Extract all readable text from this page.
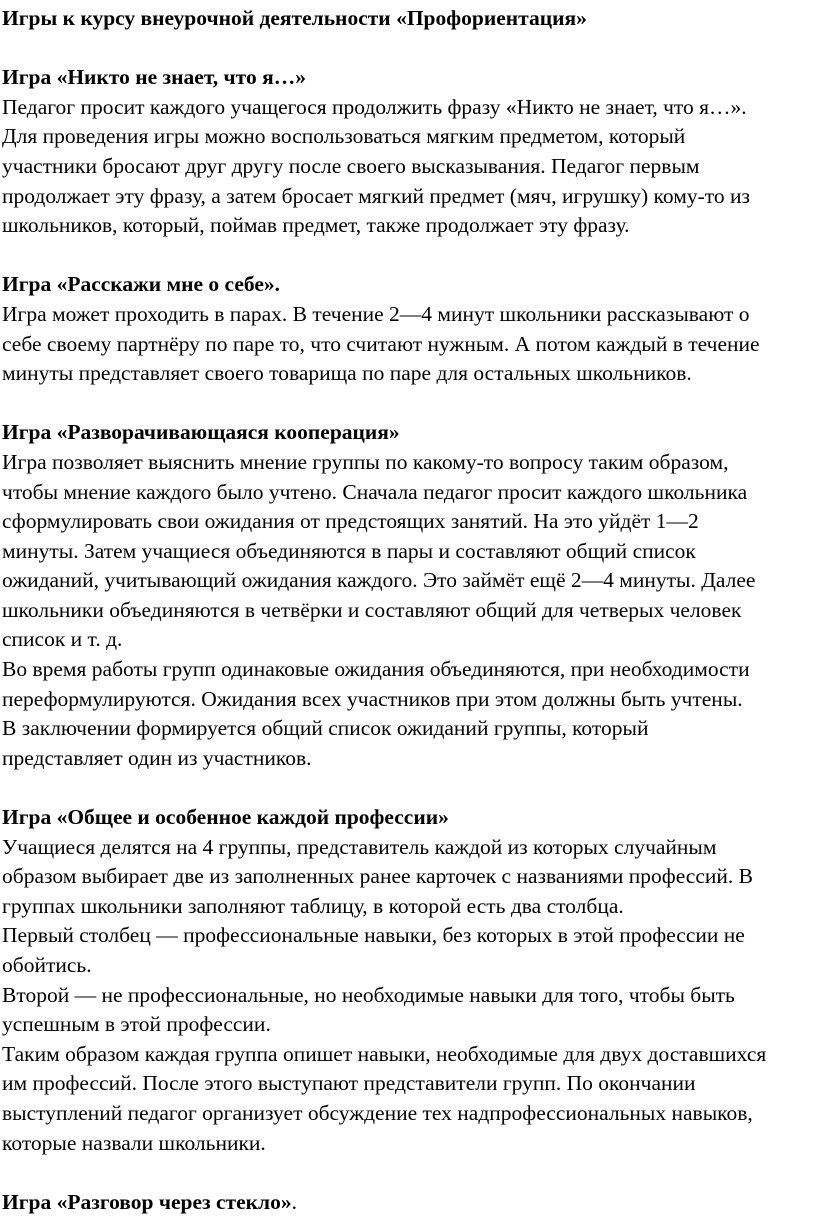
Игры к курсу внеурочной деятельности «Профориентация»
Игра «Никто не знает, что я…»
Педагог просит каждого учащегося продолжить фразу «Никто не знает, что я…».
Для проведения игры можно воспользоваться мягким предметом, который
участники бросают друг другу после своего высказывания. Педагог первым
продолжает эту фразу, а затем бросает мягкий предмет (мяч, игрушку) кому-то из
школьников, который, поймав предмет, также продолжает эту фразу.
Игра «Расскажи мне о себе».
Игра может проходить в парах. В течение 2—4 минут школьники рассказывают о
себе своему партнёру по паре то, что считают нужным. А потом каждый в течение
минуты представляет своего товарища по паре для остальных школьников.
Игра «Разворачивающаяся кооперация»
Игра позволяет выяснить мнение группы по какому-то вопросу таким образом,
чтобы мнение каждого было учтено. Сначала педагог просит каждого школьника
сформулировать свои ожидания от предстоящих занятий. На это уйдёт 1—2
минуты. Затем учащиеся объединяются в пары и составляют общий список
ожиданий, учитывающий ожидания каждого. Это займёт ещё 2—4 минуты. Далее
школьники объединяются в четвёрки и составляют общий для четверых человек
список и т. д.
Во время работы групп одинаковые ожидания объединяются, при необходимости
переформулируются. Ожидания всех участников при этом должны быть учтены.
В заключении формируется общий список ожиданий группы, который
представляет один из участников.
Игра «Общее и особенное каждой профессии»
Учащиеся делятся на 4 группы, представитель каждой из которых случайным
образом выбирает две из заполненных ранее карточек с названиями профессий. В
группах школьники заполняют таблицу, в которой есть два столбца.
Первый столбец — профессиональные навыки, без которых в этой профессии не
обойтись.
Второй — не профессиональные, но необходимые навыки для того, чтобы быть
успешным в этой профессии.
Таким образом каждая группа опишет навыки, необходимые для двух доставшихся
им профессий. После этого выступают представители групп. По окончании
выступлений педагог организует обсуждение тех надпрофессиональных навыков,
которые назвали школьники.
Игра «Разговор через стекло».
